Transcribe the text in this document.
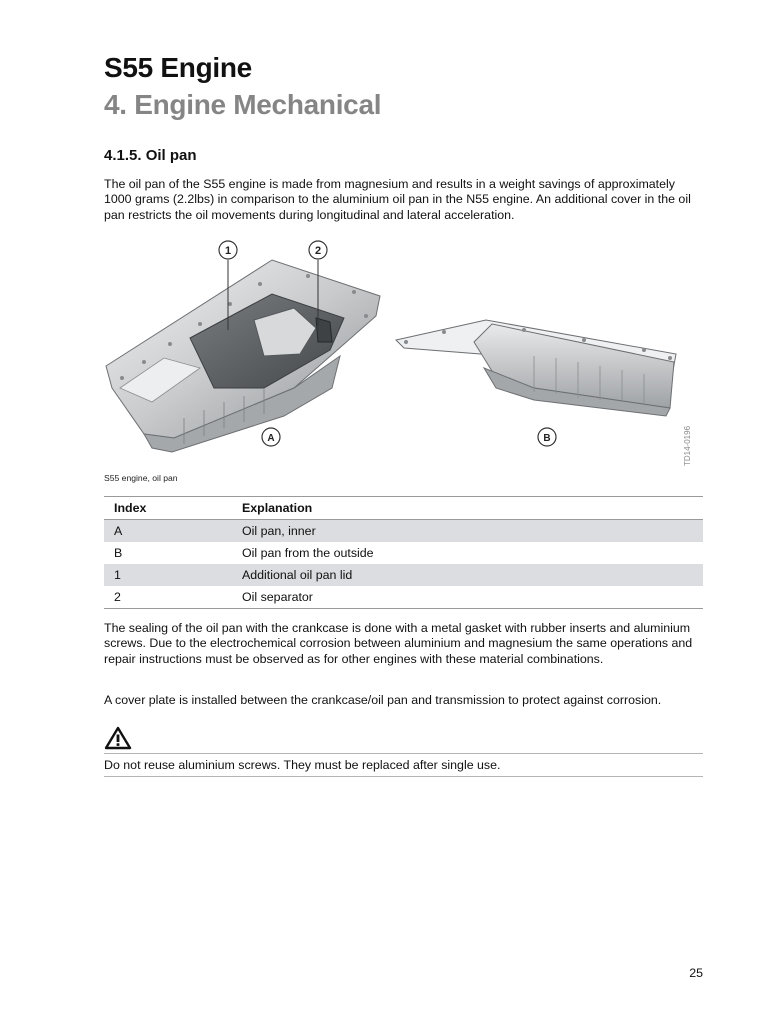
S55 Engine
4. Engine Mechanical
4.1.5. Oil pan

The oil pan of the S55 engine is made from magnesium and results in a weight savings of approximately 1000 grams (2.2lbs) in comparison to the aluminium oil pan in the N55 engine. An additional cover in the oil pan restricts the oil movements during longitudinal and lateral acceleration.

1	2
A	B	TD14-0196
S55 engine, oil pan
Index	Explanation
A	Oil pan, inner
B	Oil pan from the outside
1	Additional oil pan lid
2	Oil separator

The sealing of the oil pan with the crankcase is done with a metal gasket with rubber inserts and aluminium screws. Due to the electrochemical corrosion between aluminium and magnesium the same operations and repair instructions must be observed as for other engines with these material combinations.

A cover plate is installed between the crankcase/oil pan and transmission to protect against corrosion.

Do not reuse aluminium screws. They must be replaced after single use.
25
